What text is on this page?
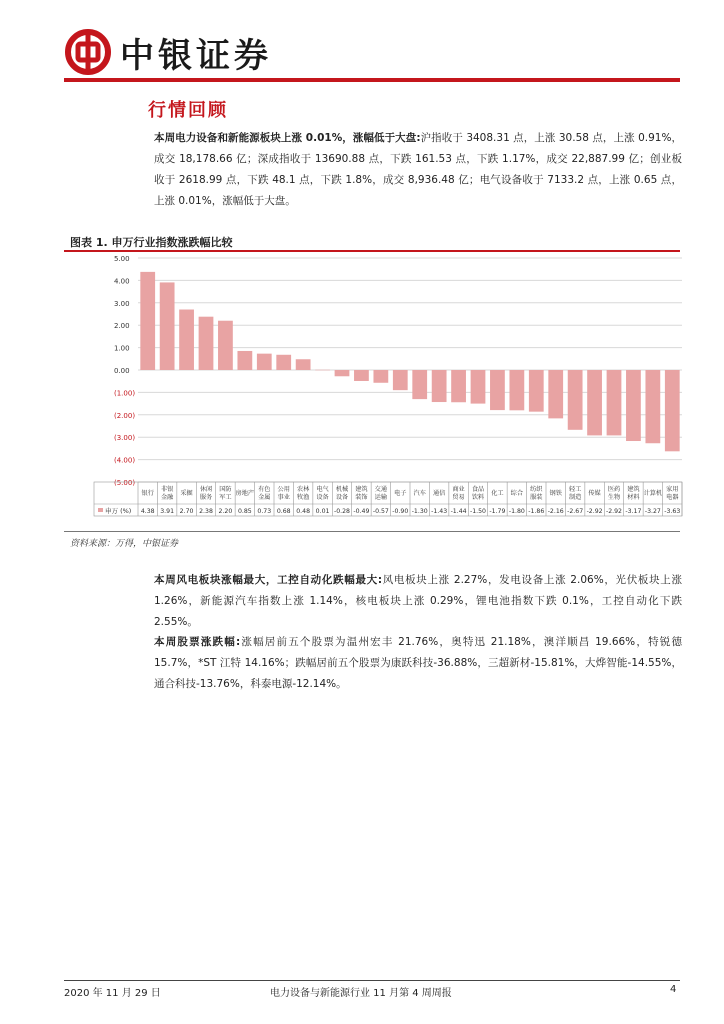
中银证券
行情回顾
本周电力设备和新能源板块上涨 0.01%，涨幅低于大盘:沪指收于 3408.31 点，上涨 30.58 点，上涨 0.91%，成交 18,178.66 亿；深成指收于 13690.88 点，下跌 161.53 点，下跌 1.17%，成交 22,887.99 亿；创业板收于 2618.99 点，下跌 48.1 点，下跌 1.8%，成交 8,936.48 亿；电气设备收于 7133.2 点，上涨 0.65 点，上涨 0.01%，涨幅低于大盘。
图表 1. 申万行业指数涨跌幅比较
5.00
4.00
3.00
2.00
1.00
0.00
(1.00)
(2.00)
(3.00)
(4.00)
(5.00)
申万 (%)
银行
4.38
非银金融
3.91
采掘
2.70
休闲服务
2.38
国防军工
2.20
房地产
0.85
有色金属
0.73
公用事业
0.68
农林牧渔
0.48
电气设备
0.01
机械设备
-0.28
建筑装饰
-0.49
交通运输
-0.57
电子
-0.90
汽车
-1.30
通信
-1.43
商业贸易
-1.44
食品饮料
-1.50
化工
-1.79
综合
-1.80
纺织服装
-1.86
钢铁
-2.16
轻工制造
-2.67
传媒
-2.92
医药生物
-2.92
建筑材料
-3.17
计算机
-3.27
家用电器
-3.63
资料来源：万得，中银证券
本周风电板块涨幅最大，工控自动化跌幅最大:风电板块上涨 2.27%，发电设备上涨 2.06%，光伏板块上涨 1.26%，新能源汽车指数上涨 1.14%，核电板块上涨 0.29%，锂电池指数下跌 0.1%，工控自动化下跌 2.55%。
本周股票涨跌幅:涨幅居前五个股票为温州宏丰 21.76%，奥特迅 21.18%，澳洋顺昌 19.66%，特锐德 15.7%，*ST 江特 14.16%；跌幅居前五个股票为康跃科技-36.88%，三超新材-15.81%，大烨智能-14.55%，通合科技-13.76%，科泰电源-12.14%。
2020 年 11 月 29 日	电力设备与新能源行业 11 月第 4 周周报	4
